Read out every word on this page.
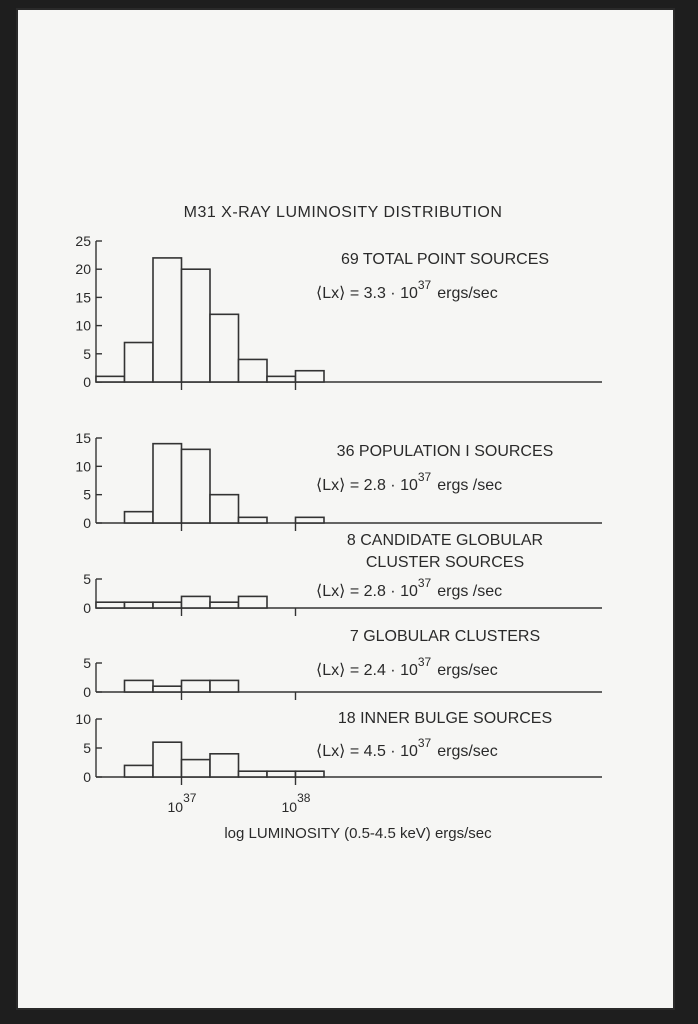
M31 X-RAY LUMINOSITY DISTRIBUTION
0
5
10
15
20
25
69 TOTAL POINT SOURCES
⟨Lx⟩ = $3.3 \cdot 10^{37}$ ergs/sec
0
5
10
15
36 POPULATION I SOURCES
⟨Lx⟩ = $2.8 \cdot 10^{37}$ ergs /sec
0
5
8 CANDIDATE GLOBULAR
CLUSTER SOURCES
⟨Lx⟩ = $2.8 \cdot 10^{37}$ ergs /sec
0
5
7 GLOBULAR CLUSTERS
⟨Lx⟩ = $2.4 \cdot 10^{37}$ ergs/sec
0
5
10	18 INNER BULGE SOURCES
⟨Lx⟩ = $4.5 \cdot 10^{37}$ ergs/sec
1037
1038
log LUMINOSITY (0.5-4.5 keV) ergs/sec
